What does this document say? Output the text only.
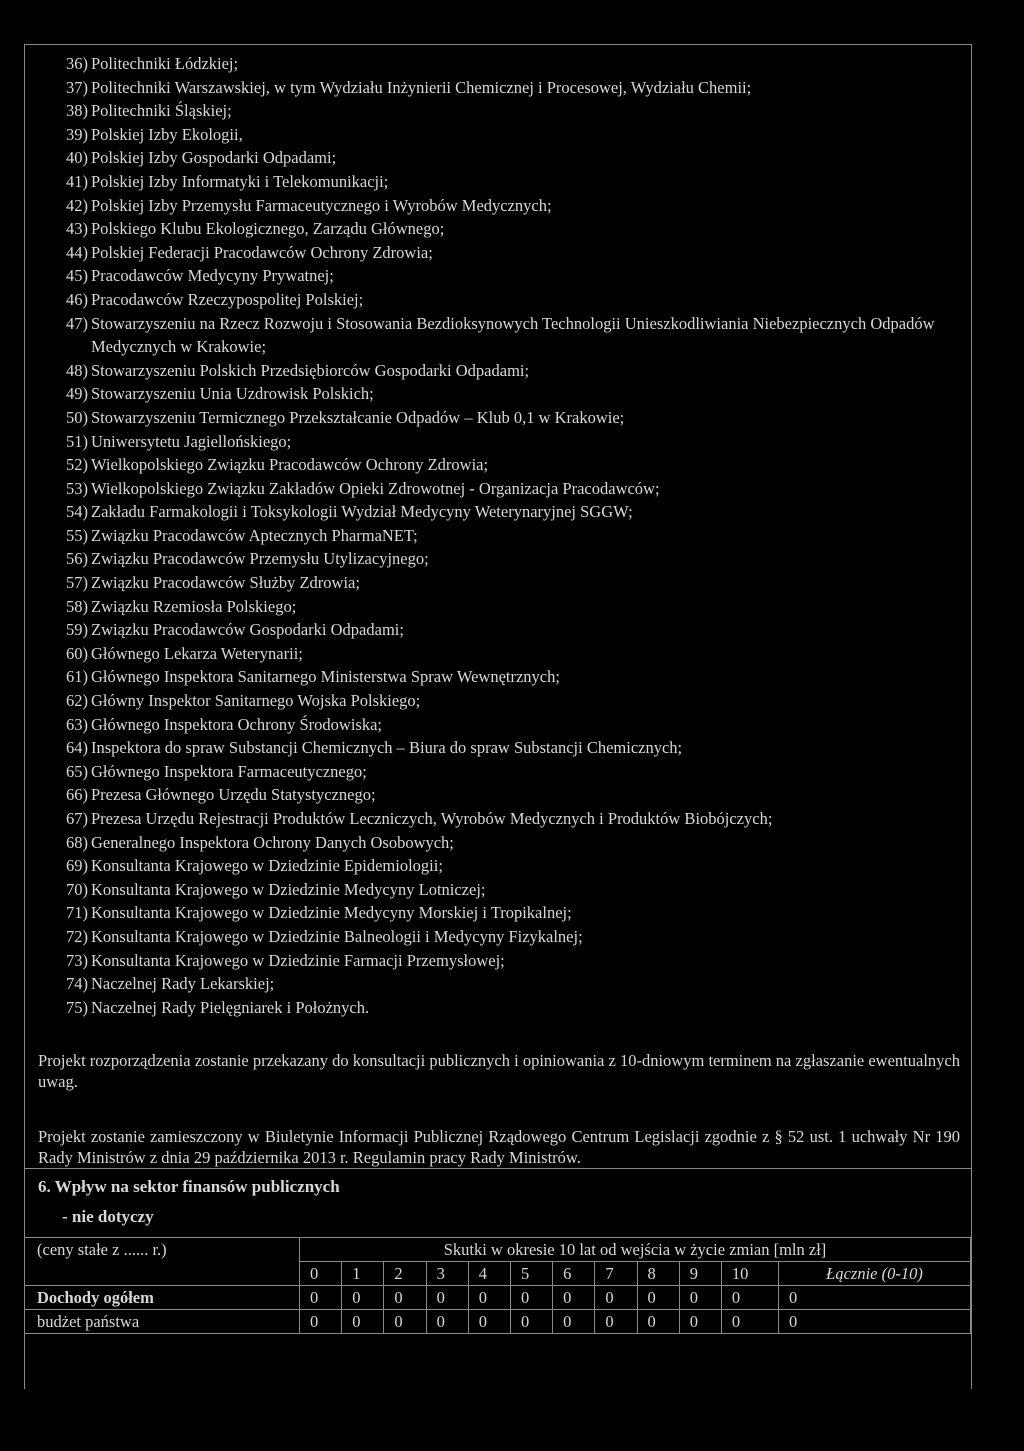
36) Politechniki Łódzkiej;
37) Politechniki Warszawskiej, w tym Wydziału Inżynierii Chemicznej i Procesowej, Wydziału Chemii;
38) Politechniki Śląskiej;
39) Polskiej Izby Ekologii,
40) Polskiej Izby Gospodarki Odpadami;
41) Polskiej Izby Informatyki i Telekomunikacji;
42) Polskiej Izby Przemysłu Farmaceutycznego i Wyrobów Medycznych;
43) Polskiego Klubu Ekologicznego, Zarządu Głównego;
44) Polskiej Federacji Pracodawców Ochrony Zdrowia;
45) Pracodawców Medycyny Prywatnej;
46) Pracodawców Rzeczypospolitej Polskiej;
47) Stowarzyszeniu na Rzecz Rozwoju i Stosowania Bezdioksynowych Technologii Unieszkodliwiania Niebezpiecznych Odpadów Medycznych w Krakowie;
48) Stowarzyszeniu Polskich Przedsiębiorców Gospodarki Odpadami;
49) Stowarzyszeniu Unia Uzdrowisk Polskich;
50) Stowarzyszeniu Termicznego Przekształcanie Odpadów – Klub 0,1 w Krakowie;
51) Uniwersytetu Jagiellońskiego;
52) Wielkopolskiego Związku Pracodawców Ochrony Zdrowia;
53) Wielkopolskiego Związku Zakładów Opieki Zdrowotnej - Organizacja Pracodawców;
54) Zakładu Farmakologii i Toksykologii Wydział Medycyny Weterynaryjnej SGGW;
55) Związku Pracodawców Aptecznych PharmaNET;
56) Związku Pracodawców Przemysłu Utylizacyjnego;
57) Związku Pracodawców Służby Zdrowia;
58) Związku Rzemiosła Polskiego;
59) Związku Pracodawców Gospodarki Odpadami;
60) Głównego Lekarza Weterynarii;
61) Głównego Inspektora Sanitarnego Ministerstwa Spraw Wewnętrznych;
62) Główny Inspektor Sanitarnego Wojska Polskiego;
63) Głównego Inspektora Ochrony Środowiska;
64) Inspektora do spraw Substancji Chemicznych – Biura do spraw Substancji Chemicznych;
65) Głównego Inspektora Farmaceutycznego;
66) Prezesa Głównego Urzędu Statystycznego;
67) Prezesa Urzędu Rejestracji Produktów Leczniczych, Wyrobów Medycznych i Produktów Biobójczych;
68) Generalnego Inspektora Ochrony Danych Osobowych;
69) Konsultanta Krajowego w Dziedzinie Epidemiologii;
70) Konsultanta Krajowego w Dziedzinie Medycyny Lotniczej;
71) Konsultanta Krajowego w Dziedzinie Medycyny Morskiej i Tropikalnej;
72) Konsultanta Krajowego w Dziedzinie Balneologii i Medycyny Fizykalnej;
73) Konsultanta Krajowego w Dziedzinie Farmacji Przemysłowej;
74) Naczelnej Rady Lekarskiej;
75) Naczelnej Rady Pielęgniarek i Położnych.
Projekt rozporządzenia zostanie przekazany do konsultacji publicznych i opiniowania z 10-dniowym terminem na zgłaszanie ewentualnych uwag.
Projekt zostanie zamieszczony w Biuletynie Informacji Publicznej Rządowego Centrum Legislacji zgodnie z § 52 ust. 1 uchwały Nr 190 Rady Ministrów z dnia 29 października 2013 r. Regulamin pracy Rady Ministrów.
6. Wpływ na sektor finansów publicznych
- nie dotyczy
(ceny stałe z ...... r.)	Skutki w okresie 10 lat od wejścia w życie zmian [mln zł]											
	0	1	2	3	4	5	6	7	8	9	10	Łącznie (0-10)
Dochody ogółem	0	0	0	0	0	0	0	0	0	0	0	0
budżet państwa	0	0	0	0	0	0	0	0	0	0	0	0
